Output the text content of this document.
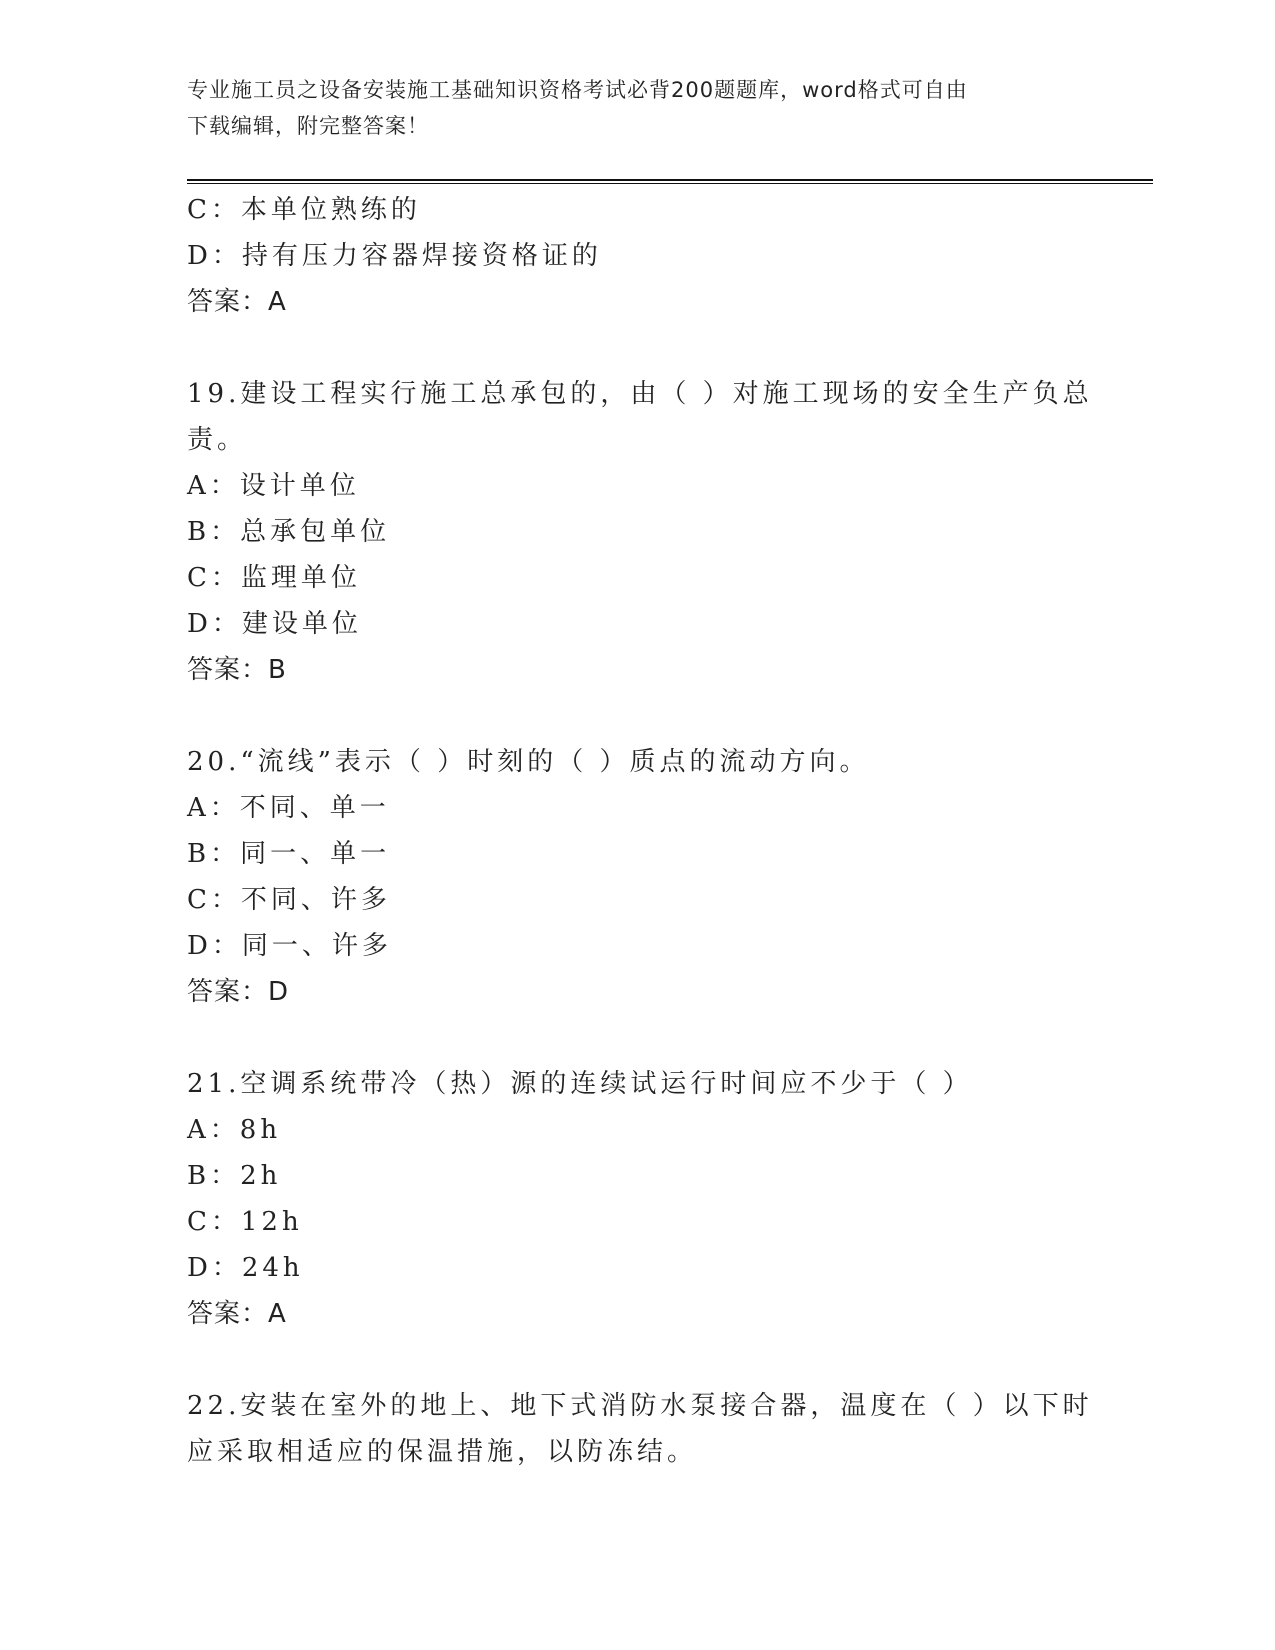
专业施工员之设备安装施工基础知识资格考试必背200题题库，word格式可自由
下载编辑，附完整答案！
C：本单位熟练的
D：持有压力容器焊接资格证的
答案：A
19.建设工程实行施工总承包的，由（ ）对施工现场的安全生产负总
责。
A：设计单位
B：总承包单位
C：监理单位
D：建设单位
答案：B
20.“流线”表示（ ）时刻的（ ）质点的流动方向。
A：不同、单一
B：同一、单一
C：不同、许多
D：同一、许多
答案：D
21.空调系统带冷（热）源的连续试运行时间应不少于（ ）
A：8h
B：2h
C：12h
D：24h
答案：A
22.安装在室外的地上、地下式消防水泵接合器，温度在（ ）以下时
应采取相适应的保温措施，以防冻结。
